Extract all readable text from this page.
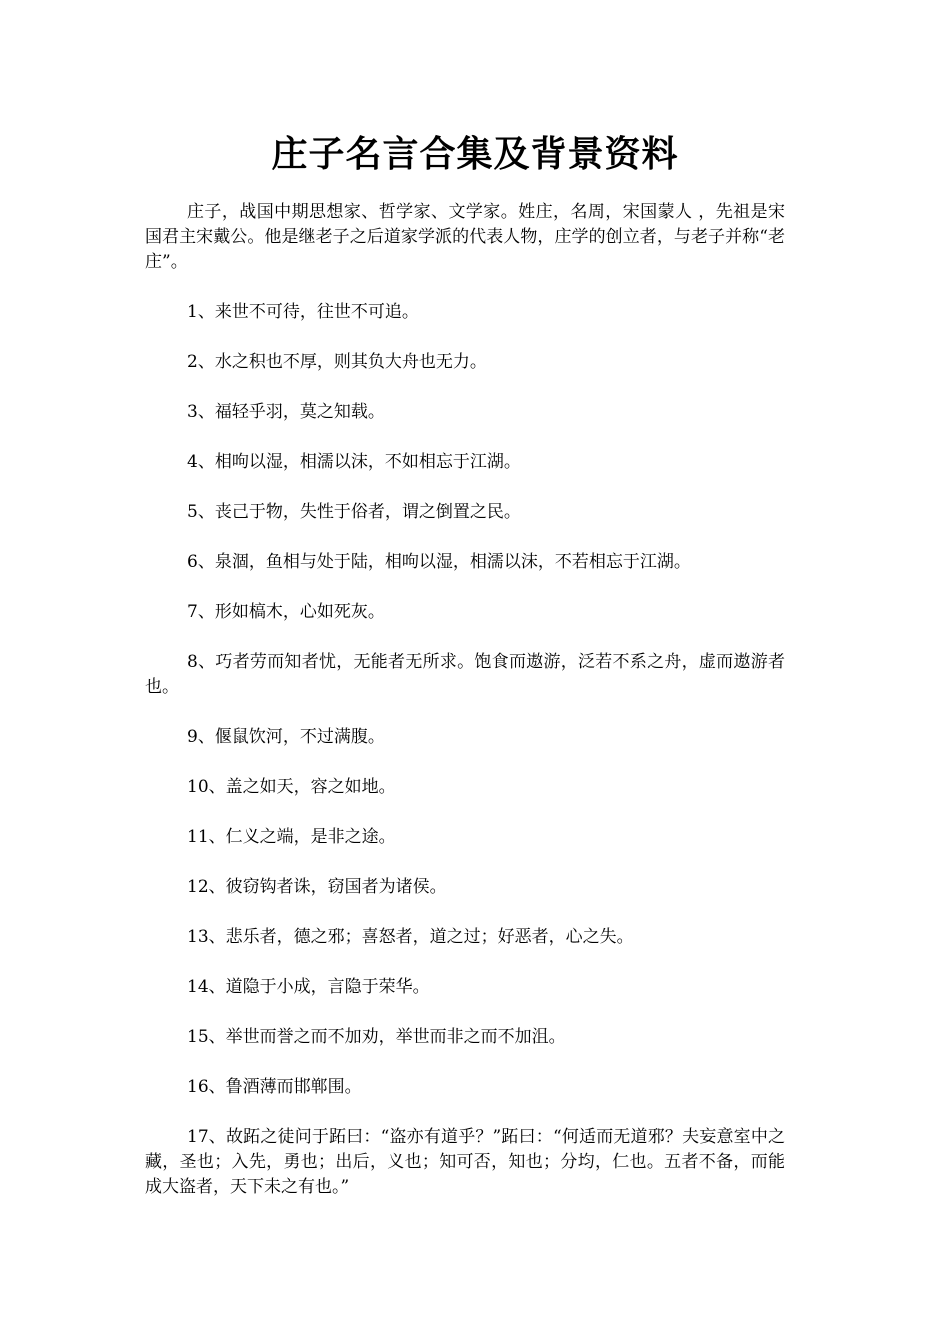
庄子名言合集及背景资料

庄子，战国中期思想家、哲学家、文学家。姓庄，名周，宋国蒙人 ，先祖是宋国君主宋戴公。他是继老子之后道家学派的代表人物，庄学的创立者，与老子并称“老庄”。

1、来世不可待，往世不可追。

2、水之积也不厚，则其负大舟也无力。

3、福轻乎羽，莫之知载。

4、相呴以湿，相濡以沫，不如相忘于江湖。

5、丧己于物，失性于俗者，谓之倒置之民。

6、泉涸，鱼相与处于陆，相呴以湿，相濡以沫，不若相忘于江湖。

7、形如槁木，心如死灰。

8、巧者劳而知者忧，无能者无所求。饱食而遨游，泛若不系之舟，虚而遨游者也。

9、偃鼠饮河，不过满腹。

10、盖之如天，容之如地。

11、仁义之端，是非之途。

12、彼窃钩者诛，窃国者为诸侯。

13、悲乐者，德之邪；喜怒者，道之过；好恶者，心之失。

14、道隐于小成，言隐于荣华。

15、举世而誉之而不加劝，举世而非之而不加沮。

16、鲁酒薄而邯郸围。

17、故跖之徒问于跖曰：“盗亦有道乎？”跖曰：“何适而无道邪？夫妄意室中之藏，圣也；入先，勇也；出后，义也；知可否，知也；分均，仁也。五者不备，而能成大盗者，天下未之有也。”
